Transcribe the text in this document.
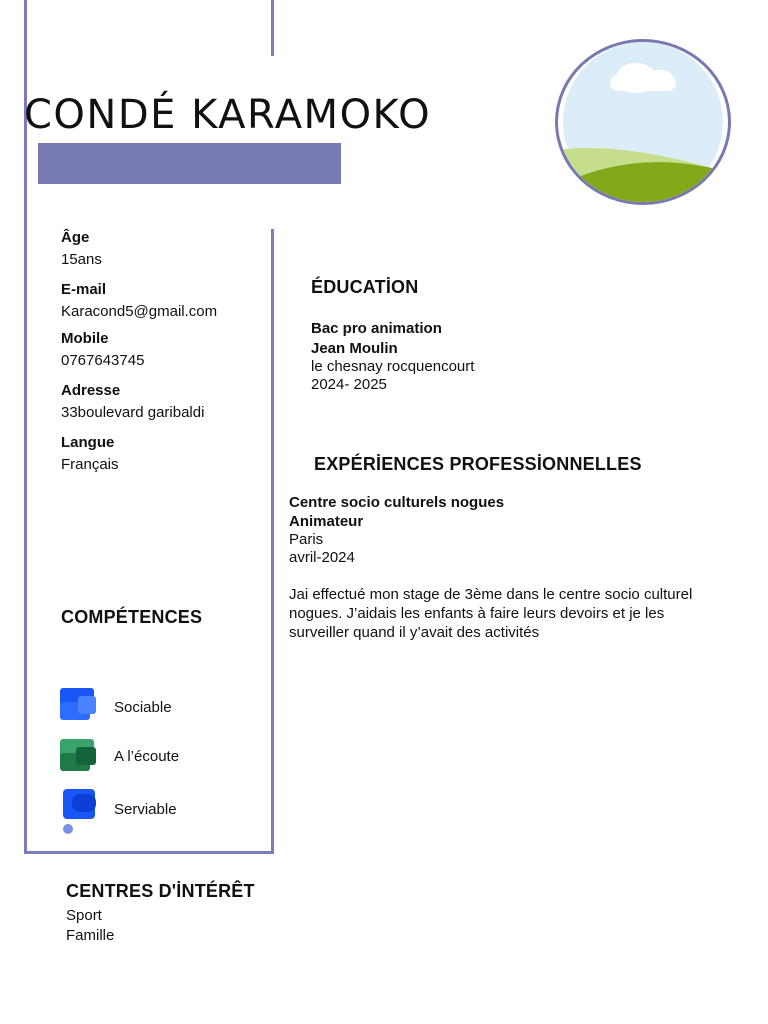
CONDÉ KARAMOKO
Âge
15ans
E-mail
Karacond5@gmail.com
Mobile
0767643745
Adresse
33boulevard garibaldi
Langue
Français
COMPÉTENCES
Sociable
A l’écoute
Serviable
CENTRES D'İNTÉRÊT
Sport
Famille
ÉDUCATİON
Bac pro animation
Jean Moulin
le chesnay rocquencourt
2024- 2025
EXPÉRİENCES PROFESSİONNELLES
Centre socio culturels nogues
Animateur
Paris
avril-2024
Jai effectué mon stage de 3ème dans le centre socio culturel nogues. J’aidais les enfants à faire leurs devoirs et je les surveiller quand il y’avait des activités
